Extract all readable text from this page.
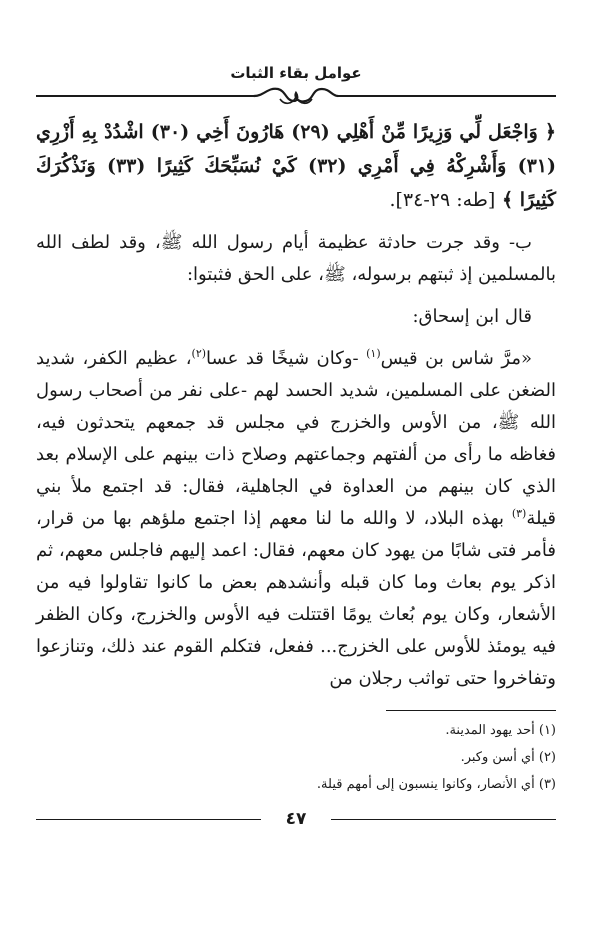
عوامل بقاء الثبات

﴿ وَاجْعَل لِّي وَزِيرًا مِّنْ أَهْلِي (٢٩) هَارُونَ أَخِي (٣٠) اشْدُدْ بِهِ أَزْرِي (٣١) وَأَشْرِكْهُ فِي أَمْرِي (٣٢) كَيْ نُسَبِّحَكَ كَثِيرًا (٣٣) وَنَذْكُرَكَ كَثِيرًا ﴾ [طه: ٢٩-٣٤].

ب- وقد جرت حادثة عظيمة أيام رسول الله ﷺ، وقد لطف الله بالمسلمين إذ ثبتهم برسوله، ﷺ، على الحق فثبتوا:

قال ابن إسحاق:

«مرَّ شاس بن قيس$^{(١)}$ -وكان شيخًا قد عسا$^{(٢)}$، عظيم الكفر، شديد الضغن على المسلمين، شديد الحسد لهم -على نفر من أصحاب رسول الله ﷺ، من الأوس والخزرج في مجلس قد جمعهم يتحدثون فيه، فغاظه ما رأى من ألفتهم وجماعتهم وصلاح ذات بينهم على الإسلام بعد الذي كان بينهم من العداوة في الجاهلية، فقال: قد اجتمع ملأ بني قيلة$^{(٣)}$ بهذه البلاد، لا والله ما لنا معهم إذا اجتمع ملؤهم بها من قرار، فأمر فتى شابًا من يهود كان معهم، فقال: اعمد إليهم فاجلس معهم، ثم اذكر يوم بعاث وما كان قبله وأنشدهم بعض ما كانوا تقاولوا فيه من الأشعار، وكان يوم بُعاث يومًا اقتتلت فيه الأوس والخزرج، وكان الظفر فيه يومئذ للأوس على الخزرج... ففعل، فتكلم القوم عند ذلك، وتنازعوا وتفاخروا حتى تواثب رجلان من

(١) أحد يهود المدينة.

(٢) أي أسن وكبر.

(٣) أي الأنصار، وكانوا ينسبون إلى أمهم قيلة.

٤٧
